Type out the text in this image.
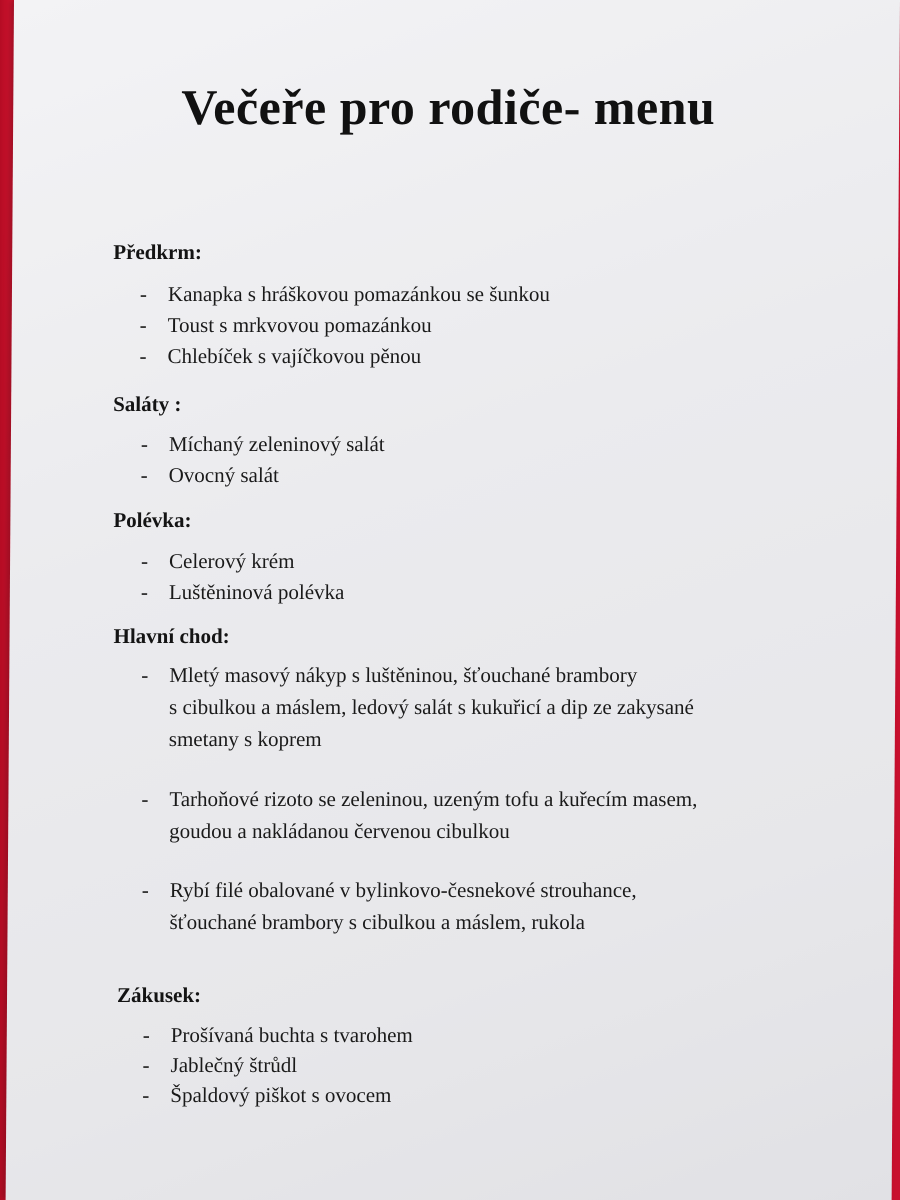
Večeře pro rodiče- menu
Předkrm:
- Kanapka s hráškovou pomazánkou se šunkou
- Toust s mrkvovou pomazánkou
- Chlebíček s vajíčkovou pěnou
Saláty :
- Míchaný zeleninový salát
- Ovocný salát
Polévka:
- Celerový krém
- Luštěninová polévka
Hlavní chod:
- Mletý masový nákyp s luštěninou, šťouchané brambory
s cibulkou a máslem, ledový salát s kukuřicí a dip ze zakysané
smetany s koprem
- Tarhoňové rizoto se zeleninou, uzeným tofu a kuřecím masem,
goudou a nakládanou červenou cibulkou
- Rybí filé obalované v bylinkovo-česnekové strouhance,
šťouchané brambory s cibulkou a máslem, rukola
Zákusek:
- Prošívaná buchta s tvarohem
- Jablečný štrůdl
- Špaldový piškot s ovocem
